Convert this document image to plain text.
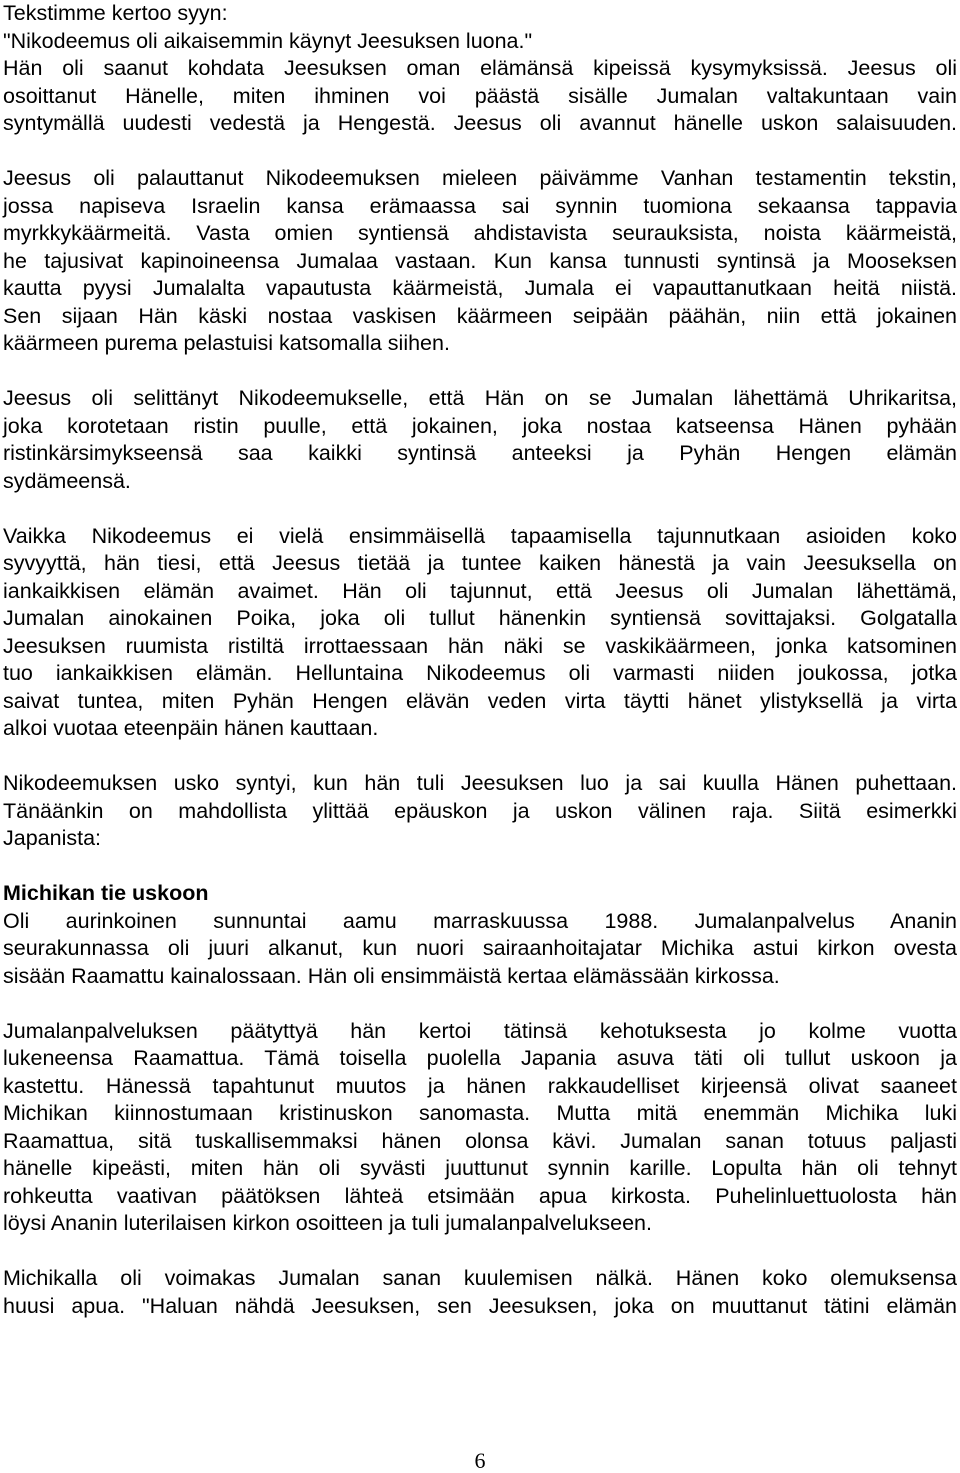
Tekstimme kertoo syyn:
"Nikodeemus oli aikaisemmin käynyt Jeesuksen luona."
Hän oli saanut kohdata Jeesuksen oman elämänsä kipeissä kysymyksissä. Jeesus oli
osoittanut Hänelle, miten ihminen voi päästä sisälle Jumalan valtakuntaan vain
syntymällä uudesti vedestä ja Hengestä. Jeesus oli avannut hänelle uskon salaisuuden.
Jeesus oli palauttanut Nikodeemuksen mieleen päivämme Vanhan testamentin tekstin,
jossa napiseva Israelin kansa erämaassa sai synnin tuomiona sekaansa tappavia
myrkkykäärmeitä. Vasta omien syntiensä ahdistavista seurauksista, noista käärmeistä,
he tajusivat kapinoineensa Jumalaa vastaan. Kun kansa tunnusti syntinsä ja Mooseksen
kautta pyysi Jumalalta vapautusta käärmeistä, Jumala ei vapauttanutkaan heitä niistä.
Sen sijaan Hän käski nostaa vaskisen käärmeen seipään päähän, niin että jokainen
käärmeen purema pelastuisi katsomalla siihen.
Jeesus oli selittänyt Nikodeemukselle, että Hän on se Jumalan lähettämä Uhrikaritsa,
joka korotetaan ristin puulle, että jokainen, joka nostaa katseensa Hänen pyhään
ristinkärsimykseensä saa kaikki syntinsä anteeksi ja Pyhän Hengen elämän
sydämeensä.
Vaikka Nikodeemus ei vielä ensimmäisellä tapaamisella tajunnutkaan asioiden koko
syvyyttä, hän tiesi, että Jeesus tietää ja tuntee kaiken hänestä ja vain Jeesuksella on
iankaikkisen elämän avaimet. Hän oli tajunnut, että Jeesus oli Jumalan lähettämä,
Jumalan ainokainen Poika, joka oli tullut hänenkin syntiensä sovittajaksi. Golgatalla
Jeesuksen ruumista ristiltä irrottaessaan hän näki se vaskikäärmeen, jonka katsominen
tuo iankaikkisen elämän. Helluntaina Nikodeemus oli varmasti niiden joukossa, jotka
saivat tuntea, miten Pyhän Hengen elävän veden virta täytti hänet ylistyksellä ja virta
alkoi vuotaa eteenpäin hänen kauttaan.
Nikodeemuksen usko syntyi, kun hän tuli Jeesuksen luo ja sai kuulla Hänen puhettaan.
Tänäänkin on mahdollista ylittää epäuskon ja uskon välinen raja. Siitä esimerkki
Japanista:
Michikan tie uskoon
Oli aurinkoinen sunnuntai aamu marraskuussa 1988. Jumalanpalvelus Ananin
seurakunnassa oli juuri alkanut, kun nuori sairaanhoitajatar Michika astui kirkon ovesta
sisään Raamattu kainalossaan. Hän oli ensimmäistä kertaa elämässään kirkossa.
Jumalanpalveluksen päätyttyä hän kertoi tätinsä kehotuksesta jo kolme vuotta
lukeneensa Raamattua. Tämä toisella puolella Japania asuva täti oli tullut uskoon ja
kastettu. Hänessä tapahtunut muutos ja hänen rakkaudelliset kirjeensä olivat saaneet
Michikan kiinnostumaan kristinuskon sanomasta. Mutta mitä enemmän Michika luki
Raamattua, sitä tuskallisemmaksi hänen olonsa kävi. Jumalan sanan totuus paljasti
hänelle kipeästi, miten hän oli syvästi juuttunut synnin karille. Lopulta hän oli tehnyt
rohkeutta vaativan päätöksen lähteä etsimään apua kirkosta. Puhelinluettuolosta hän
löysi Ananin luterilaisen kirkon osoitteen ja tuli jumalanpalvelukseen.
Michikalla oli voimakas Jumalan sanan kuulemisen nälkä. Hänen koko olemuksensa
huusi apua. "Haluan nähdä Jeesuksen, sen Jeesuksen, joka on muuttanut tätini elämän
6
